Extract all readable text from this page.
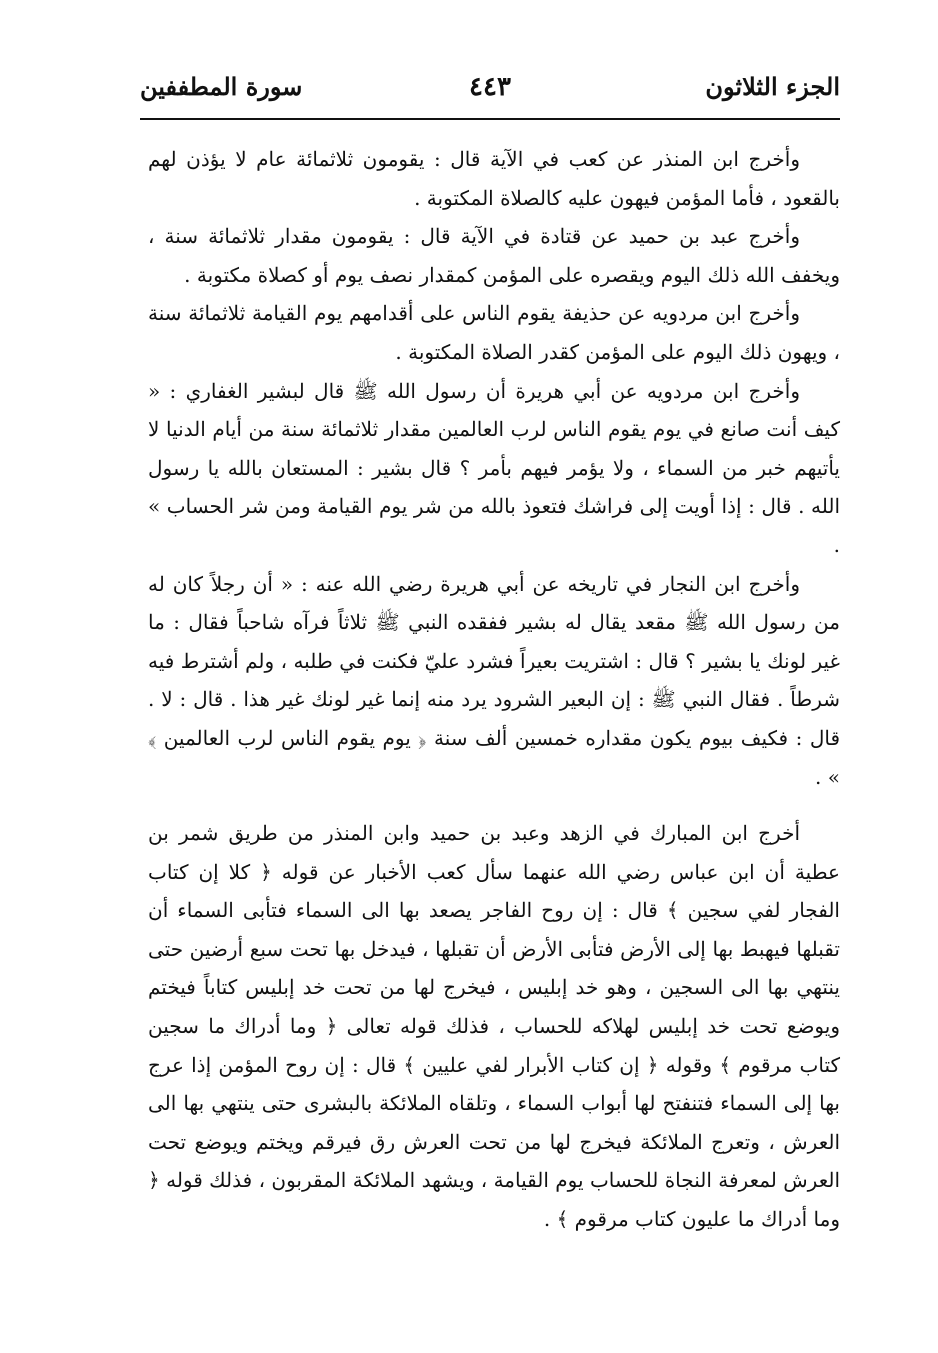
الجزء الثلاثون
٤٤٣
سورة المطففين

وأخرج ابن المنذر عن كعب في الآية قال : يقومون ثلاثمائة عام لا يؤذن لهم بالقعود ، فأما المؤمن فيهون عليه كالصلاة المكتوبة .

وأخرج عبد بن حميد عن قتادة في الآية قال : يقومون مقدار ثلاثمائة سنة ، ويخفف الله ذلك اليوم ويقصره على المؤمن كمقدار نصف يوم أو كصلاة مكتوبة .

وأخرج ابن مردويه عن حذيفة يقوم الناس على أقدامهم يوم القيامة ثلاثمائة سنة ، ويهون ذلك اليوم على المؤمن كقدر الصلاة المكتوبة .

وأخرج ابن مردويه عن أبي هريرة أن رسول الله ﷺ قال لبشير الغفاري : « كيف أنت صانع في يوم يقوم الناس لرب العالمين مقدار ثلاثمائة سنة من أيام الدنيا لا يأتيهم خبر من السماء ، ولا يؤمر فيهم بأمر ؟ قال بشير : المستعان بالله يا رسول الله . قال : إذا أويت إلى فراشك فتعوذ بالله من شر يوم القيامة ومن شر الحساب » .

وأخرج ابن النجار في تاريخه عن أبي هريرة رضي الله عنه : « أن رجلاً كان له من رسول الله ﷺ مقعد يقال له بشير ففقده النبي ﷺ ثلاثاً فرآه شاحباً فقال : ما غير لونك يا بشير ؟ قال : اشتريت بعيراً فشرد عليّ فكنت في طلبه ، ولم أشترط فيه شرطاً . فقال النبي ﷺ : إن البعير الشرود يرد منه إنما غير لونك غير هذا . قال : لا . قال : فكيف بيوم يكون مقداره خمسين ألف سنة ﴿ يوم يقوم الناس لرب العالمين ﴾ » .

أخرج ابن المبارك في الزهد وعبد بن حميد وابن المنذر من طريق شمر بن عطية أن ابن عباس رضي الله عنهما سأل كعب الأخبار عن قوله ﴿ كلا إن كتاب الفجار لفي سجين ﴾ قال : إن روح الفاجر يصعد بها الى السماء فتأبى السماء أن تقبلها فيهبط بها إلى الأرض فتأبى الأرض أن تقبلها ، فيدخل بها تحت سبع أرضين حتى ينتهي بها الى السجين ، وهو خد إبليس ، فيخرج لها من تحت خد إبليس كتاباً فيختم ويوضع تحت خد إبليس لهلاكه للحساب ، فذلك قوله تعالى ﴿ وما أدراك ما سجين كتاب مرقوم ﴾ وقوله ﴿ إن كتاب الأبرار لفي عليين ﴾ قال : إن روح المؤمن إذا عرج بها إلى السماء فتنفتح لها أبواب السماء ، وتلقاه الملائكة بالبشرى حتى ينتهي بها الى العرش ، وتعرج الملائكة فيخرج لها من تحت العرش رق فيرقم ويختم ويوضع تحت العرش لمعرفة النجاة للحساب يوم القيامة ، ويشهد الملائكة المقربون ، فذلك قوله ﴿ وما أدراك ما عليون كتاب مرقوم ﴾ .
